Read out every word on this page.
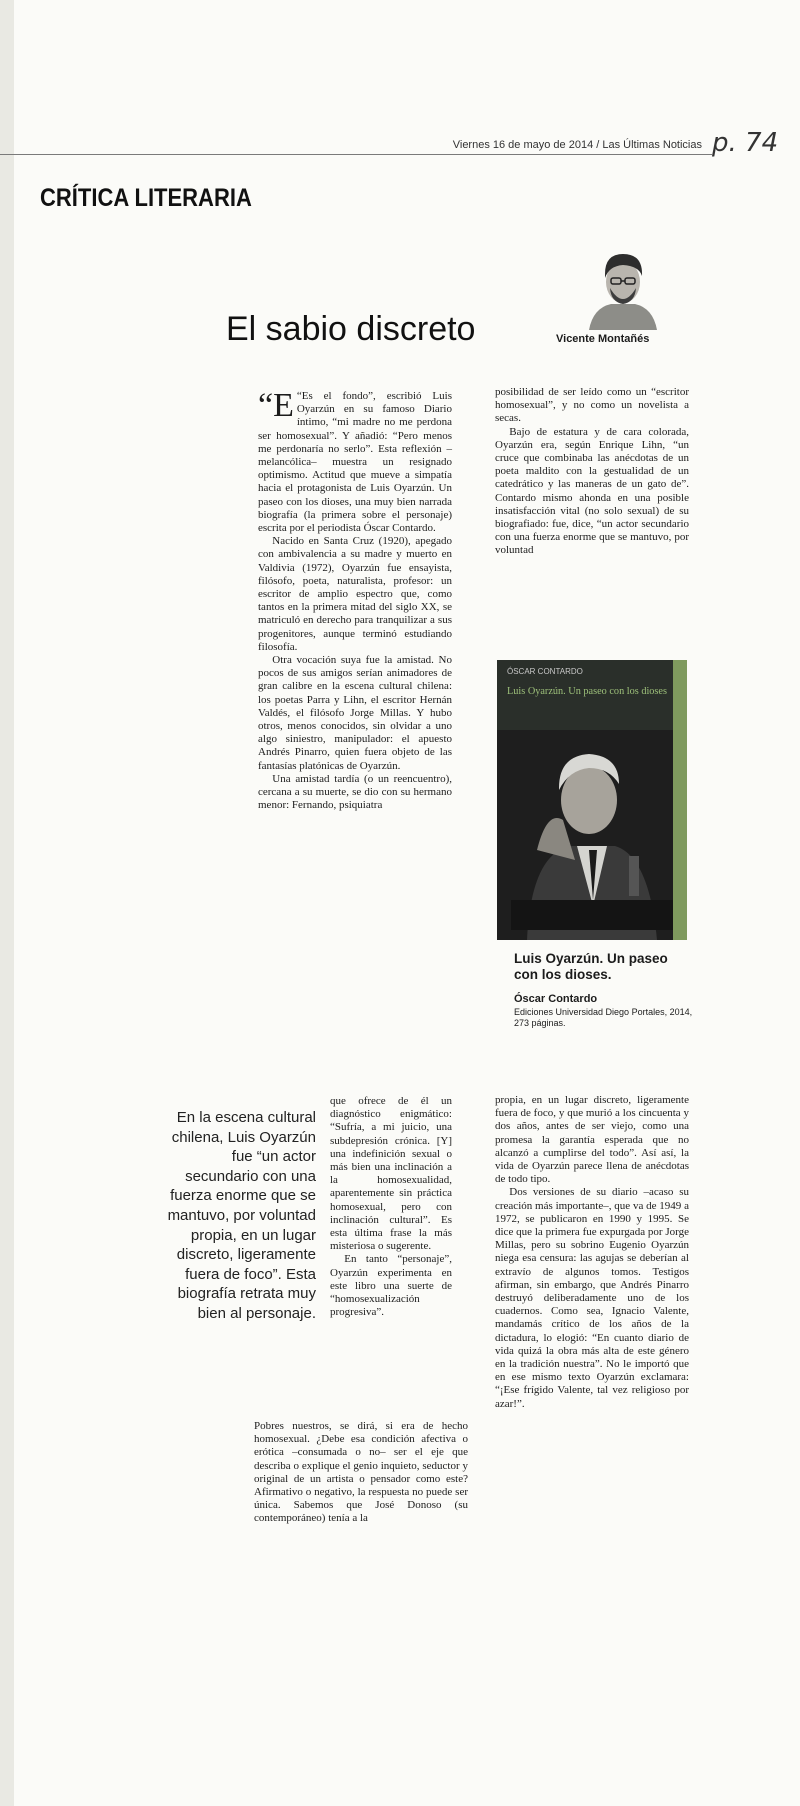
Viernes 16 de mayo de 2014 / Las Últimas Noticias p. 74
CRÍTICA LITERARIA
El sabio discreto	Vicente Montañés

“E “Es el fondo”, escribió Luis Oyarzún en su famoso Diario íntimo, “mi madre no me perdona ser homosexual”. Y añadió: “Pero menos me perdonaría no serlo”. Esta reflexión –melancólica– muestra un resignado optimismo. Actitud que mueve a simpatía hacia el protagonista de Luis Oyarzún. Un paseo con los dioses, una muy bien narrada biografía (la primera sobre el personaje) escrita por el periodista Óscar Contardo.

Nacido en Santa Cruz (1920), apegado con ambivalencia a su madre y muerto en Valdivia (1972), Oyarzún fue ensayista, filósofo, poeta, naturalista, profesor: un escritor de amplio espectro que, como tantos en la primera mitad del siglo XX, se matriculó en derecho para tranquilizar a sus progenitores, aunque terminó estudiando filosofía.

Otra vocación suya fue la amistad. No pocos de sus amigos serían animadores de gran calibre en la escena cultural chilena: los poetas Parra y Lihn, el escritor Hernán Valdés, el filósofo Jorge Millas. Y hubo otros, menos conocidos, sin olvidar a uno algo siniestro, manipulador: el apuesto Andrés Pinarro, quien fuera objeto de las fantasías platónicas de Oyarzún.

Una amistad tardía (o un reencuentro), cercana a su muerte, se dio con su hermano menor: Fernando, psiquiatra

que ofrece de él un diagnóstico enigmático: “Sufría, a mi juicio, una subdepresión crónica. [Y] una indefinición sexual o más bien una inclinación a la homosexualidad, aparentemente sin práctica homosexual, pero con inclinación cultural”. Es esta última frase la más misteriosa o sugerente.

En tanto “personaje”, Oyarzún experimenta en este libro una suerte de “homosexualización progresiva”.

Pobres nuestros, se dirá, si era de hecho homosexual. ¿Debe esa condición afectiva o erótica –consumada o no– ser el eje que describa o explique el genio inquieto, seductor y original de un artista o pensador como este? Afirmativo o negativo, la respuesta no puede ser única. Sabemos que José Donoso (su contemporáneo) tenía a la

En la escena cultural chilena, Luis Oyarzún fue “un actor secundario con una fuerza enorme que se mantuvo, por voluntad propia, en un lugar discreto, ligeramente fuera de foco”. Esta biografía retrata muy bien al personaje.

posibilidad de ser leído como un “escritor homosexual”, y no como un novelista a secas.

Bajo de estatura y de cara colorada, Oyarzún era, según Enrique Lihn, “un cruce que combinaba las anécdotas de un poeta maldito con la gestualidad de un catedrático y las maneras de un gato de”. Contardo mismo ahonda en una posible insatisfacción vital (no solo sexual) de su biografiado: fue, dice, “un actor secundario con una fuerza enorme que se mantuvo, por voluntad

ÓSCAR CONTARDO
Luis Oyarzún. Un paseo con los dioses
Luis Oyarzún. Un paseo con los dioses.
Óscar Contardo
Ediciones Universidad Diego Portales, 2014, 273 páginas.

propia, en un lugar discreto, ligeramente fuera de foco, y que murió a los cincuenta y dos años, antes de ser viejo, como una promesa la garantía esperada que no alcanzó a cumplirse del todo”. Así así, la vida de Oyarzún parece llena de anécdotas de todo tipo.

Dos versiones de su diario –acaso su creación más importante–, que va de 1949 a 1972, se publicaron en 1990 y 1995. Se dice que la primera fue expurgada por Jorge Millas, pero su sobrino Eugenio Oyarzún niega esa censura: las agujas se deberían al extravío de algunos tomos. Testigos afirman, sin embargo, que Andrés Pinarro destruyó deliberadamente uno de los cuadernos. Como sea, Ignacio Valente, mandamás crítico de los años de la dictadura, lo elogió: “En cuanto diario de vida quizá la obra más alta de este género en la tradición nuestra”. No le importó que en ese mismo texto Oyarzún exclamara: “¡Ese frígido Valente, tal vez religioso por azar!”.
